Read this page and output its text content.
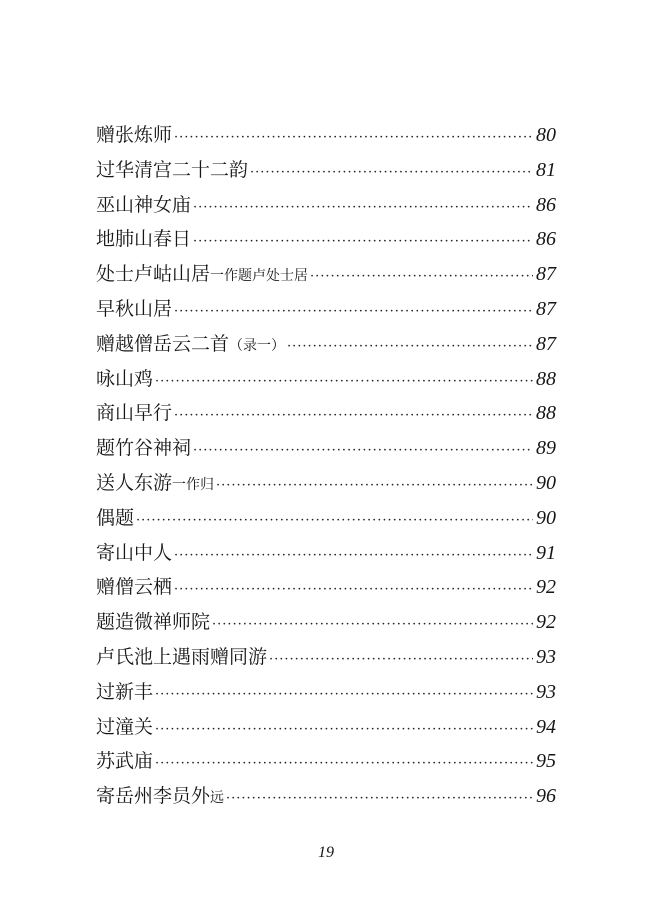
赠张炼师 ·····	80
过华清宫二十二韵 ·····	81
巫山神女庙 ·····	86
地肺山春日 ·····	86
处士卢岵山居 一作题卢处士居 ·····	87
早秋山居 ·····	87
赠越僧岳云二首 （录一） ·····	87
咏山鸡 ·····	88
商山早行 ·····	88
题竹谷神祠 ·····	89
送人东游 一作归 ·····	90
偶题 ·····	90
寄山中人 ·····	91
赠僧云栖 ·····	92
题造微禅师院 ·····	92
卢氏池上遇雨赠同游 ·····	93
过新丰 ·····	93
过潼关 ·····	94
苏武庙 ·····	95
寄岳州李员外 远 ·····	96
19
